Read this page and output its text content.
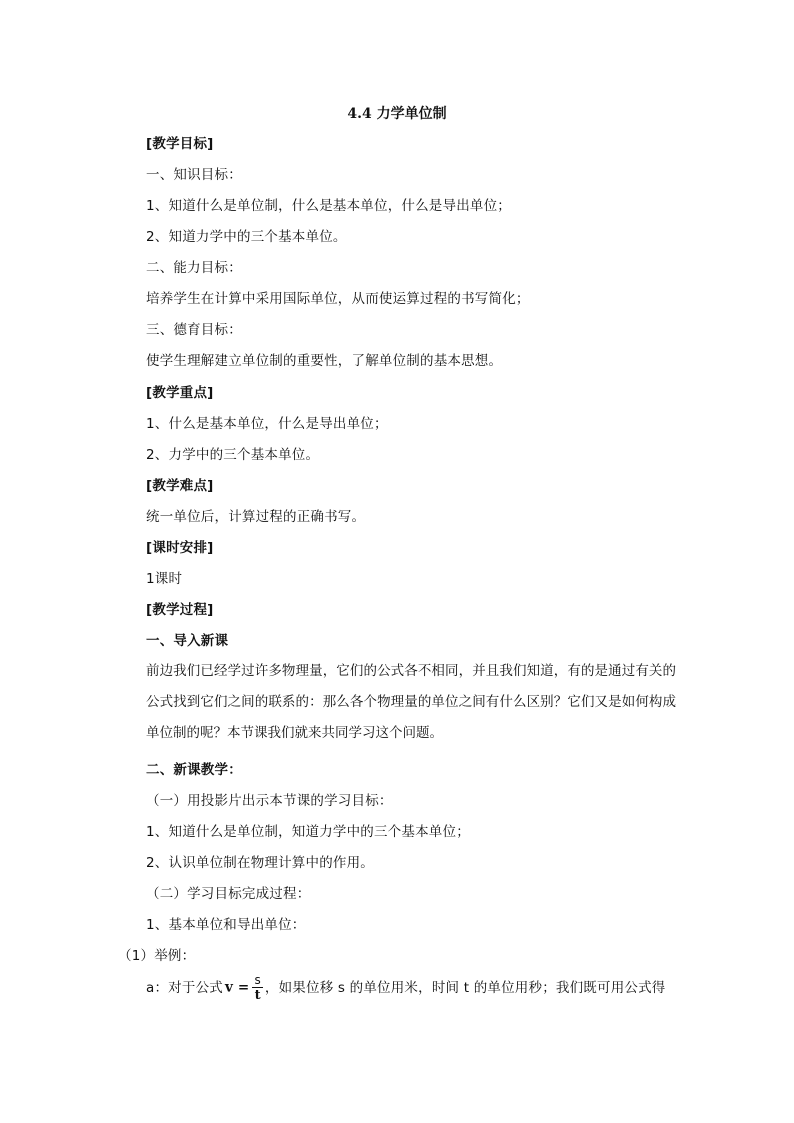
4.4 力学单位制
[教学目标]
一、知识目标：
1、知道什么是单位制，什么是基本单位，什么是导出单位；
2、知道力学中的三个基本单位。
二、能力目标：
培养学生在计算中采用国际单位，从而使运算过程的书写简化；
三、德育目标：
使学生理解建立单位制的重要性，了解单位制的基本思想。
[教学重点]
1、什么是基本单位，什么是导出单位；
2、力学中的三个基本单位。
[教学难点]
统一单位后，计算过程的正确书写。
[课时安排]
1课时
[教学过程]
一、导入新课
前边我们已经学过许多物理量，它们的公式各不相同，并且我们知道，有的是通过有关的公式找到它们之间的联系的：那么各个物理量的单位之间有什么区别？它们又是如何构成单位制的呢？本节课我们就来共同学习这个问题。
二、新课教学：
（一）用投影片出示本节课的学习目标：
1、知道什么是单位制，知道力学中的三个基本单位；
2、认识单位制在物理计算中的作用。
（二）学习目标完成过程：
1、基本单位和导出单位：
（1）举例：
a：对于公式 $v = \frac{s}{t}$ ，如果位移 s 的单位用米，时间 t 的单位用秒；我们既可用公式得
